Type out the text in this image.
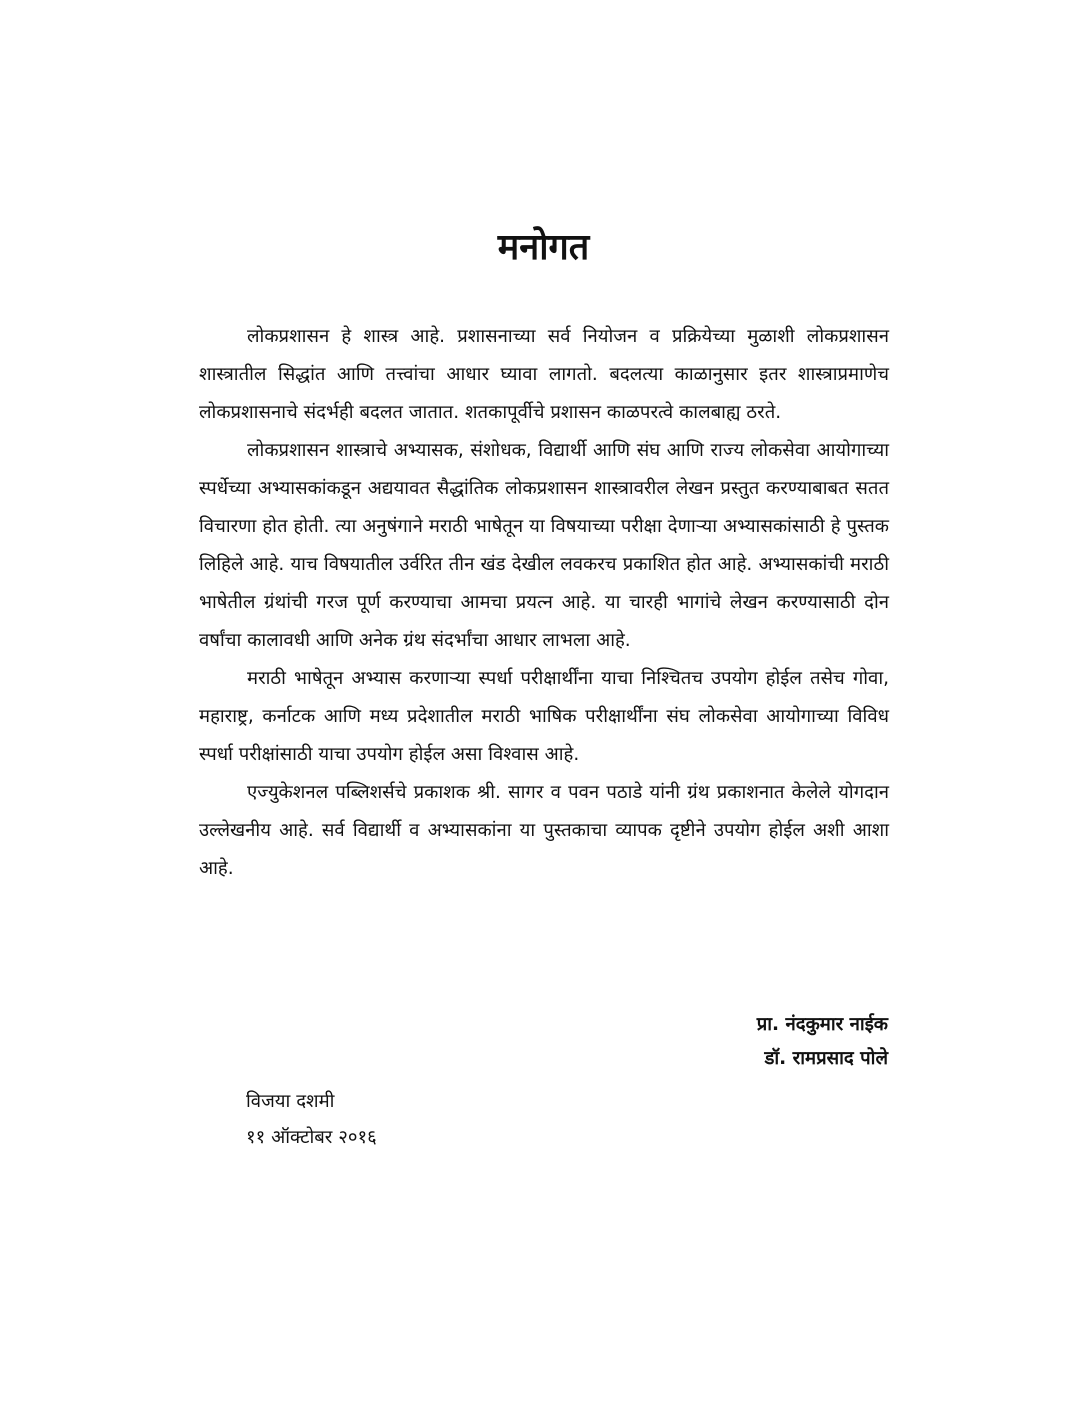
मनोगत

लोकप्रशासन हे शास्त्र आहे. प्रशासनाच्या सर्व नियोजन व प्रक्रियेच्या मुळाशी लोकप्रशासन शास्त्रातील सिद्धांत आणि तत्त्वांचा आधार घ्यावा लागतो. बदलत्या काळानुसार इतर शास्त्राप्रमाणेच लोकप्रशासनाचे संदर्भही बदलत जातात. शतकापूर्वीचे प्रशासन काळपरत्वे कालबाह्य ठरते.

लोकप्रशासन शास्त्राचे अभ्यासक, संशोधक, विद्यार्थी आणि संघ आणि राज्य लोकसेवा आयोगाच्या स्पर्धेच्या अभ्यासकांकडून अद्ययावत सैद्धांतिक लोकप्रशासन शास्त्रावरील लेखन प्रस्तुत करण्याबाबत सतत विचारणा होत होती. त्या अनुषंगाने मराठी भाषेतून या विषयाच्या परीक्षा देणाऱ्या अभ्यासकांसाठी हे पुस्तक लिहिले आहे. याच विषयातील उर्वरित तीन खंड देखील लवकरच प्रकाशित होत आहे. अभ्यासकांची मराठी भाषेतील ग्रंथांची गरज पूर्ण करण्याचा आमचा प्रयत्न आहे. या चारही भागांचे लेखन करण्यासाठी दोन वर्षांचा कालावधी आणि अनेक ग्रंथ संदर्भांचा आधार लाभला आहे.

मराठी भाषेतून अभ्यास करणाऱ्या स्पर्धा परीक्षार्थींना याचा निश्चितच उपयोग होईल तसेच गोवा, महाराष्ट्र, कर्नाटक आणि मध्य प्रदेशातील मराठी भाषिक परीक्षार्थींना संघ लोकसेवा आयोगाच्या विविध स्पर्धा परीक्षांसाठी याचा उपयोग होईल असा विश्वास आहे.

एज्युकेशनल पब्लिशर्सचे प्रकाशक श्री. सागर व पवन पठाडे यांनी ग्रंथ प्रकाशनात केलेले योगदान उल्लेखनीय आहे. सर्व विद्यार्थी व अभ्यासकांना या पुस्तकाचा व्यापक दृष्टीने उपयोग होईल अशी आशा आहे.

प्रा. नंदकुमार नाईक
डॉ. रामप्रसाद पोले
विजया दशमी
११ ऑक्टोबर २०१६
